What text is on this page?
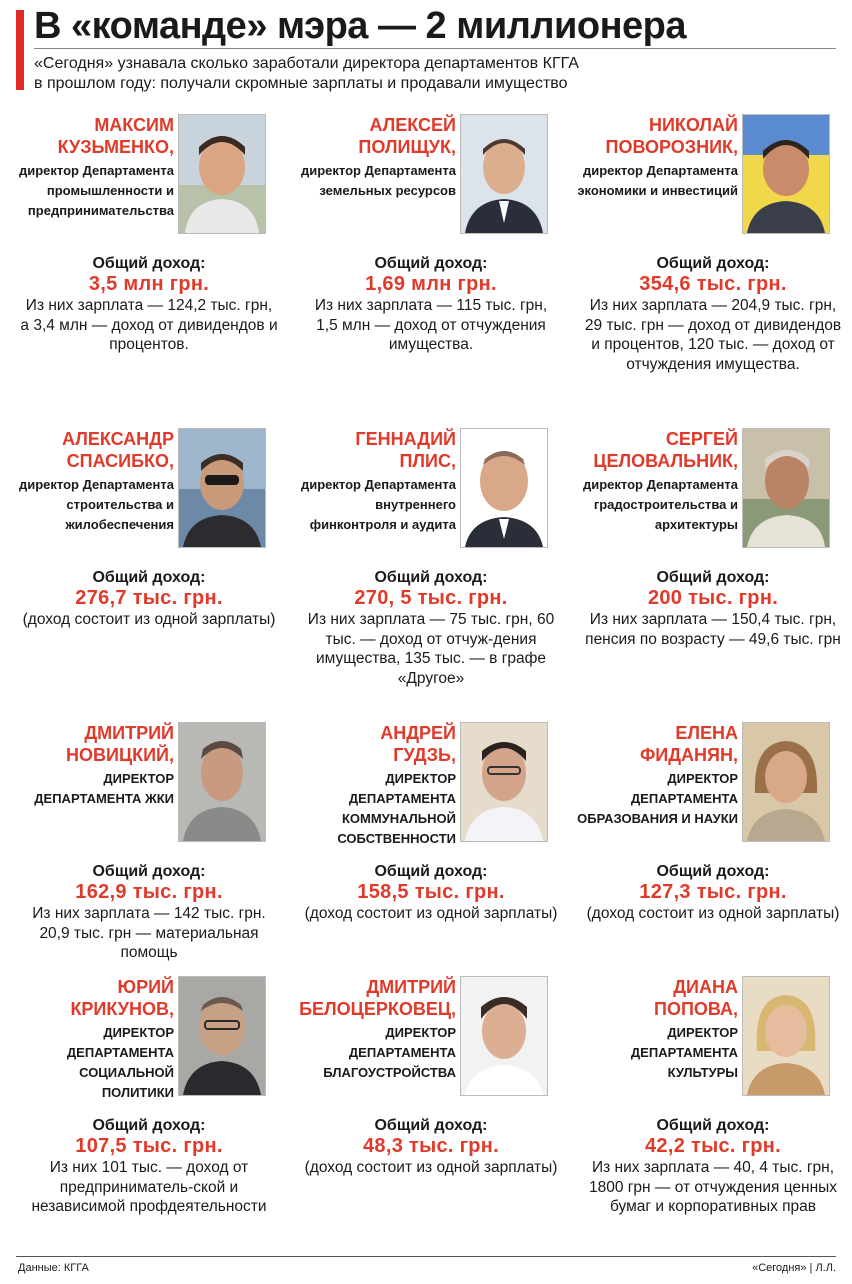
В «команде» мэра — 2 миллионера
«Сегодня» узнавала сколько заработали директора департаментов КГГА
в прошлом году: получали скромные зарплаты и продавали имущество
МАКСИМ
КУЗЬМЕНКО,
директор Департамента промышленности и предпринимательства
Общий доход:
3,5 млн грн.
Из них зарплата — 124,2 тыс. грн, а 3,4 млн — доход от дивидендов и процентов.
АЛЕКСЕЙ
ПОЛИЩУК,
директор Департамента земельных ресурсов
Общий доход:
1,69 млн грн.
Из них зарплата — 115 тыс. грн, 1,5 млн — доход от отчуждения имущества.
НИКОЛАЙ
ПОВОРОЗНИК,
директор Департамента экономики и инвестиций
Общий доход:
354,6 тыс. грн.
Из них зарплата — 204,9 тыс. грн, 29 тыс. грн — доход от дивидендов и процентов, 120 тыс. — доход от отчуждения имущества.
АЛЕКСАНДР
СПАСИБКО,
директор Департамента строительства и жилобеспечения
Общий доход:
276,7 тыс. грн.
(доход состоит из одной зарплаты)
ГЕННАДИЙ
ПЛИС,
директор Департамента внутреннего финконтроля и аудита
Общий доход:
270, 5 тыс. грн.
Из них зарплата — 75 тыс. грн, 60 тыс. — доход от отчуж-дения имущества, 135 тыс. — в графе «Другое»
СЕРГЕЙ
ЦЕЛОВАЛЬНИК,
директор Департамента градостроительства и архитектуры
Общий доход:
200 тыс. грн.
Из них зарплата — 150,4 тыс. грн, пенсия по возрасту — 49,6 тыс. грн
ДМИТРИЙ
НОВИЦКИЙ,
ДИРЕКТОР ДЕПАРТАМЕНТА ЖКИ
Общий доход:
162,9 тыс. грн.
Из них зарплата — 142 тыс. грн. 20,9 тыс. грн — материальная помощь
АНДРЕЙ
ГУДЗЬ,
ДИРЕКТОР ДЕПАРТАМЕНТА КОММУНАЛЬНОЙ СОБСТВЕННОСТИ
Общий доход:
158,5 тыс. грн.
(доход состоит из одной зарплаты)
ЕЛЕНА
ФИДАНЯН,
ДИРЕКТОР ДЕПАРТАМЕНТА ОБРАЗОВАНИЯ И НАУКИ
Общий доход:
127,3 тыс. грн.
(доход состоит из одной зарплаты)
ЮРИЙ
КРИКУНОВ,
ДИРЕКТОР ДЕПАРТАМЕНТА СОЦИАЛЬНОЙ ПОЛИТИКИ
Общий доход:
107,5 тыс. грн.
Из них 101 тыс. — доход от предприниматель-ской и независимой профдеятельности
ДМИТРИЙ
БЕЛОЦЕРКОВЕЦ,
ДИРЕКТОР ДЕПАРТАМЕНТА БЛАГОУСТРОЙСТВА
Общий доход:
48,3 тыс. грн.
(доход состоит из одной зарплаты)
ДИАНА
ПОПОВА,
ДИРЕКТОР ДЕПАРТАМЕНТА КУЛЬТУРЫ
Общий доход:
42,2 тыс. грн.
Из них зарплата — 40, 4 тыс. грн, 1800 грн — от отчуждения ценных бумаг и корпоративных прав
Данные: КГГА	«Сегодня» | Л.Л.
